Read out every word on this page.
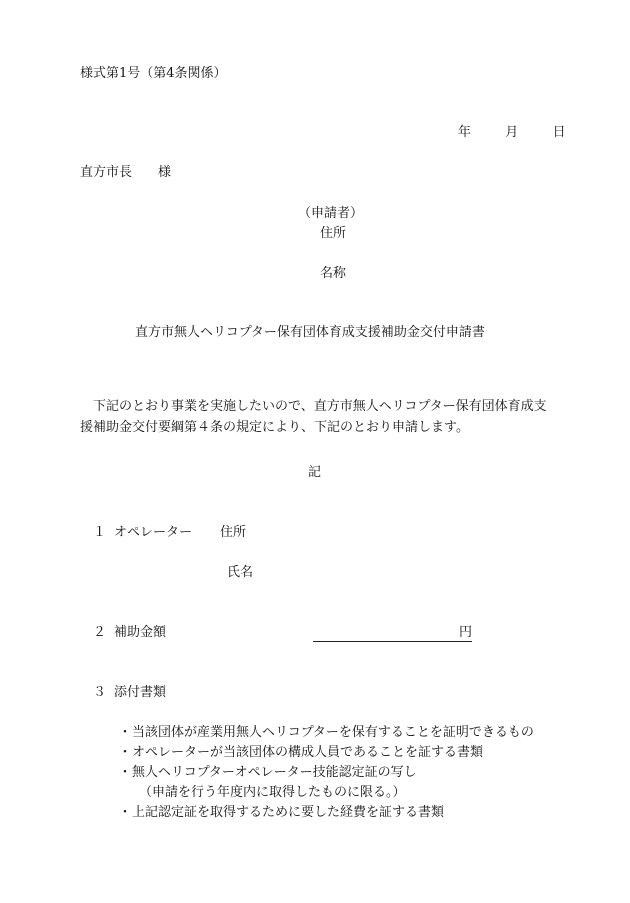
様式第1号（第4条関係）
年	月	日
直方市長　　様
（申請者）
住所
名称
直方市無人ヘリコプター保有団体育成支援補助金交付申請書

下記のとおり事業を実施したいので、直方市無人ヘリコプター保有団体育成支援補助金交付要綱第４条の規定により、下記のとおり申請します。

記
１ オペレーター 住所
氏名
２ 補助金額	円
３ 添付書類
・当該団体が産業用無人ヘリコプターを保有することを証明できるもの
・オペレーターが当該団体の構成人員であることを証する書類
・無人ヘリコプターオペレーター技能認定証の写し
（申請を行う年度内に取得したものに限る。）
・上記認定証を取得するために要した経費を証する書類
